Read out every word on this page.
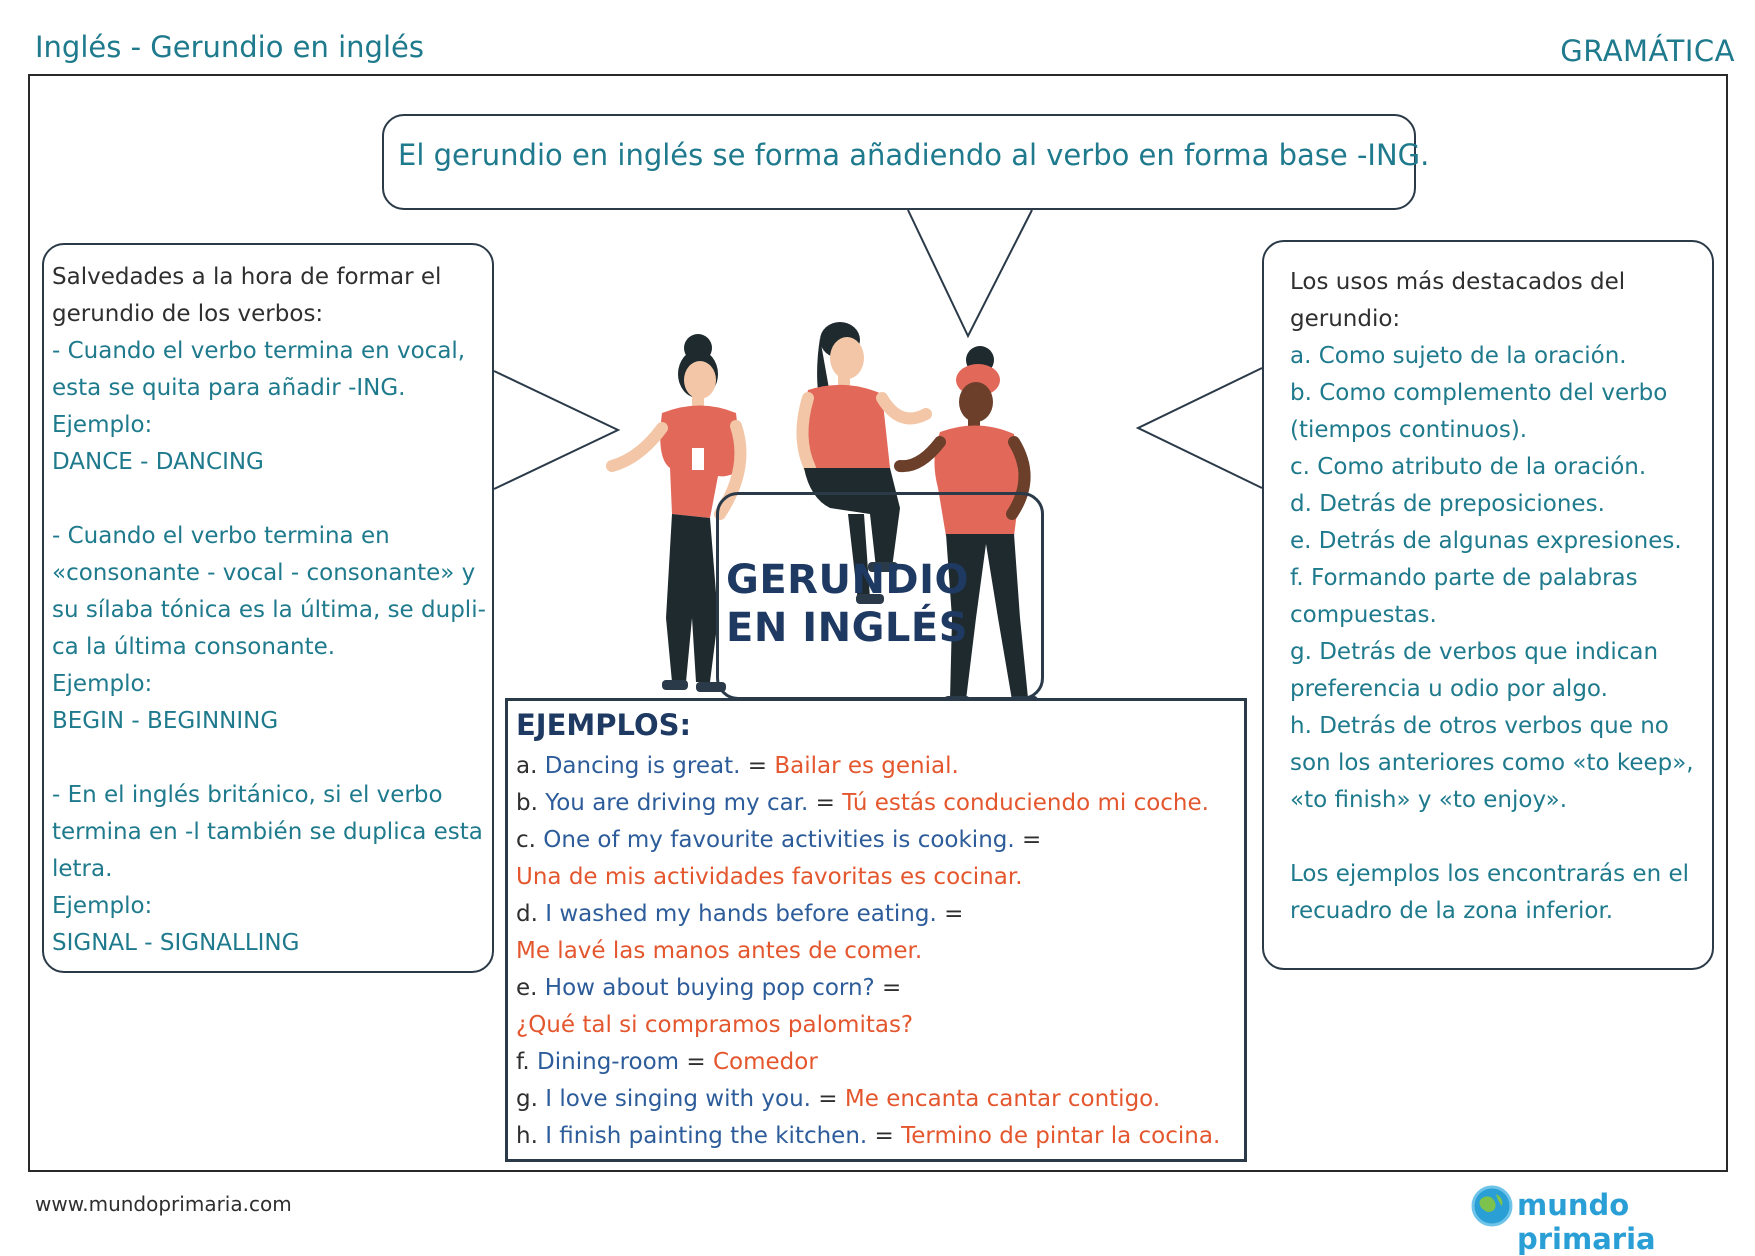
Inglés - Gerundio en inglés	GRAMÁTICA
El gerundio en inglés se forma añadiendo al verbo en forma base -ING.
Salvedades a la hora de formar el
gerundio de los verbos:
- Cuando el verbo termina en vocal,
esta se quita para añadir -ING.
Ejemplo:
DANCE - DANCING
- Cuando el verbo termina en
«consonante - vocal - consonante» y
su sílaba tónica es la última, se dupli-
ca la última consonante.
Ejemplo:
BEGIN - BEGINNING
- En el inglés británico, si el verbo
termina en -l también se duplica esta
letra.
Ejemplo:
SIGNAL - SIGNALLING
Los usos más destacados del
gerundio:
a. Como sujeto de la oración.
b. Como complemento del verbo
(tiempos continuos).
c. Como atributo de la oración.
d. Detrás de preposiciones.
e. Detrás de algunas expresiones.
f. Formando parte de palabras
compuestas.
g. Detrás de verbos que indican
preferencia u odio por algo.
h. Detrás de otros verbos que no
son los anteriores como «to keep»,
«to finish» y «to enjoy».
Los ejemplos los encontrarás en el
recuadro de la zona inferior.
GERUNDIO
EN INGLÉS
EJEMPLOS:
a. Dancing is great. = Bailar es genial.
b. You are driving my car. = Tú estás conduciendo mi coche.
c. One of my favourite activities is cooking. =
Una de mis actividades favoritas es cocinar.
d. I washed my hands before eating. =
Me lavé las manos antes de comer.
e. How about buying pop corn? =
¿Qué tal si compramos palomitas?
f. Dining-room = Comedor
g. I love singing with you. = Me encanta cantar contigo.
h. I finish painting the kitchen. = Termino de pintar la cocina.
www.mundoprimaria.com	mundo primaria
